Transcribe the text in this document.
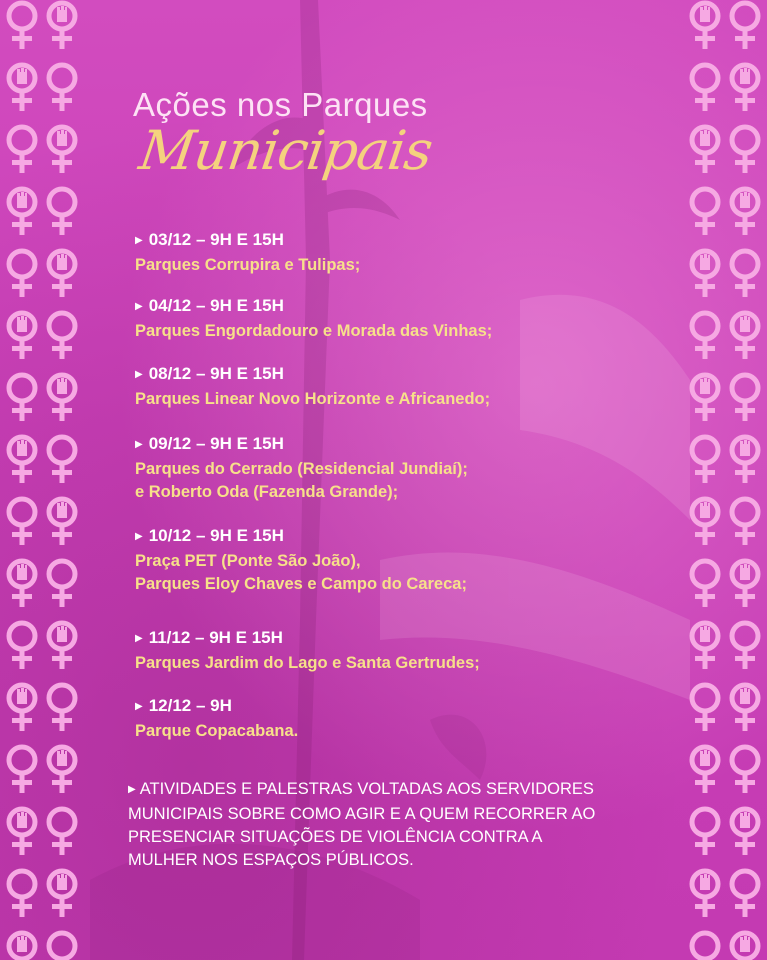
Ações nos Parques
Municipais
▶ 03/12 – 9H E 15H
Parques Corrupira e Tulipas;
▶ 04/12 – 9H E 15H
Parques Engordadouro e Morada das Vinhas;
▶ 08/12 – 9H E 15H
Parques Linear Novo Horizonte e Africanedo;
▶ 09/12 – 9H E 15H
Parques do Cerrado (Residencial Jundiaí);
e Roberto Oda (Fazenda Grande);
▶ 10/12 – 9H E 15H
Praça PET (Ponte São João),
Parques Eloy Chaves e Campo do Careca;
▶ 11/12 – 9H E 15H
Parques Jardim do Lago e Santa Gertrudes;
▶ 12/12 – 9H
Parque Copacabana.
▶ ATIVIDADES E PALESTRAS VOLTADAS AOS SERVIDORES
MUNICIPAIS SOBRE COMO AGIR E A QUEM RECORRER AO
PRESENCIAR SITUAÇÕES DE VIOLÊNCIA CONTRA A
MULHER NOS ESPAÇOS PÚBLICOS.
